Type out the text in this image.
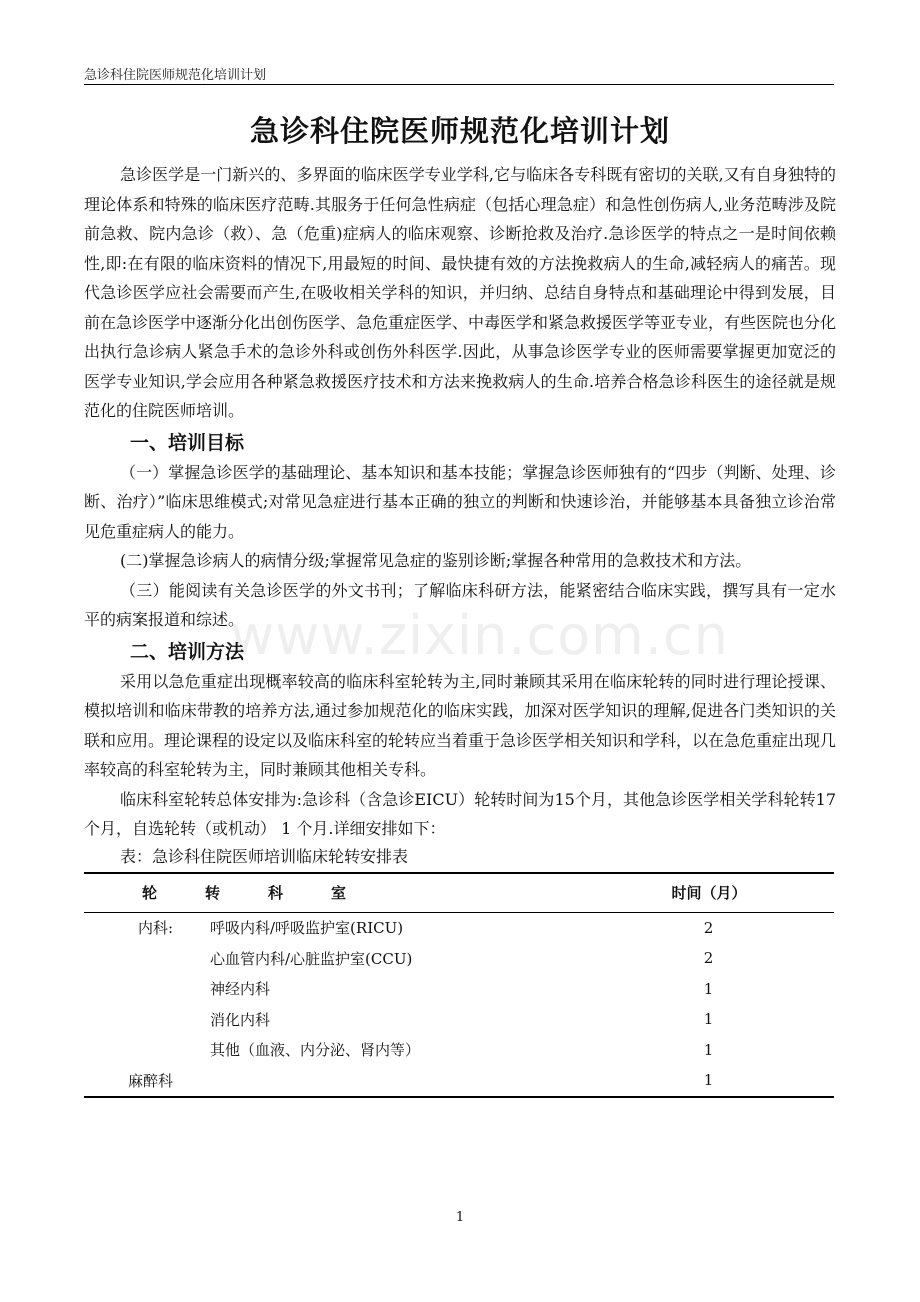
急诊科住院医师规范化培训计划
www.zixin.com.cn
急诊科住院医师规范化培训计划

急诊医学是一门新兴的、多界面的临床医学专业学科,它与临床各专科既有密切的关联,又有自身独特的理论体系和特殊的临床医疗范畴.其服务于任何急性病症（包括心理急症）和急性创伤病人,业务范畴涉及院前急救、院内急诊（救）、急（危重)症病人的临床观察、诊断抢救及治疗.急诊医学的特点之一是时间依赖性,即:在有限的临床资料的情况下,用最短的时间、最快捷有效的方法挽救病人的生命,减轻病人的痛苦。现代急诊医学应社会需要而产生,在吸收相关学科的知识，并归纳、总结自身特点和基础理论中得到发展，目前在急诊医学中逐渐分化出创伤医学、急危重症医学、中毒医学和紧急救援医学等亚专业，有些医院也分化出执行急诊病人紧急手术的急诊外科或创伤外科医学.因此，从事急诊医学专业的医师需要掌握更加宽泛的医学专业知识,学会应用各种紧急救援医疗技术和方法来挽救病人的生命.培养合格急诊科医生的途径就是规范化的住院医师培训。

一、培训目标

（一）掌握急诊医学的基础理论、基本知识和基本技能；掌握急诊医师独有的“四步（判断、处理、诊断、治疗）”临床思维模式;对常见急症进行基本正确的独立的判断和快速诊治，并能够基本具备独立诊治常见危重症病人的能力。

(二)掌握急诊病人的病情分级;掌握常见急症的鉴别诊断;掌握各种常用的急救技术和方法。

（三）能阅读有关急诊医学的外文书刊；了解临床科研方法，能紧密结合临床实践，撰写具有一定水平的病案报道和综述。

二、培训方法

采用以急危重症出现概率较高的临床科室轮转为主,同时兼顾其采用在临床轮转的同时进行理论授课、模拟培训和临床带教的培养方法,通过参加规范化的临床实践，加深对医学知识的理解,促进各门类知识的关联和应用。理论课程的设定以及临床科室的轮转应当着重于急诊医学相关知识和学科，以在急危重症出现几率较高的科室轮转为主，同时兼顾其他相关专科。

临床科室轮转总体安排为:急诊科（含急诊EICU）轮转时间为15个月，其他急诊医学相关学科轮转17个月，自选轮转（或机动） 1 个月.详细安排如下：

表：急诊科住院医师培训临床轮转安排表

轮 转 科 室		时间（月）
内科:	呼吸内科/呼吸监护室(RICU)	2
	心血管内科/心脏监护室(CCU)	2
	神经内科	1
	消化内科	1
	其他（血液、内分泌、肾内等）	1
麻醉科		1
1
